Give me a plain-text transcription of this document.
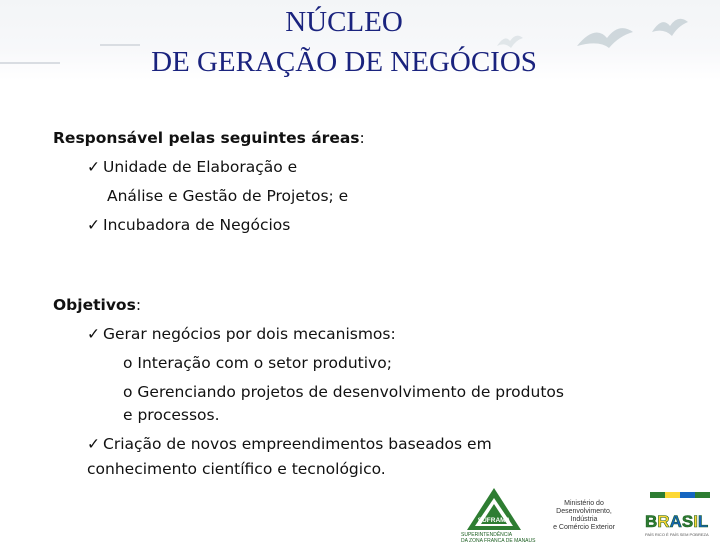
NÚCLEO
DE GERAÇÃO DE NEGÓCIOS
Responsável pelas seguintes áreas:
✓ Unidade de Elaboração e
Análise e Gestão de Projetos; e
✓ Incubadora de Negócios
Objetivos:
✓ Gerar negócios por dois mecanismos:
o Interação com o setor produtivo;
o Gerenciando projetos de desenvolvimento de produtos
e processos.
✓ Criação de novos empreendimentos baseados em
conhecimento científico e tecnológico.
SUFRAMA
SUPERINTENDÊNCIA
DA ZONA FRANCA DE MANAUS
Ministério do
Desenvolvimento, Indústria
e Comércio Exterior	BRASIL
PAÍS RICO É PAÍS SEM POBREZA
